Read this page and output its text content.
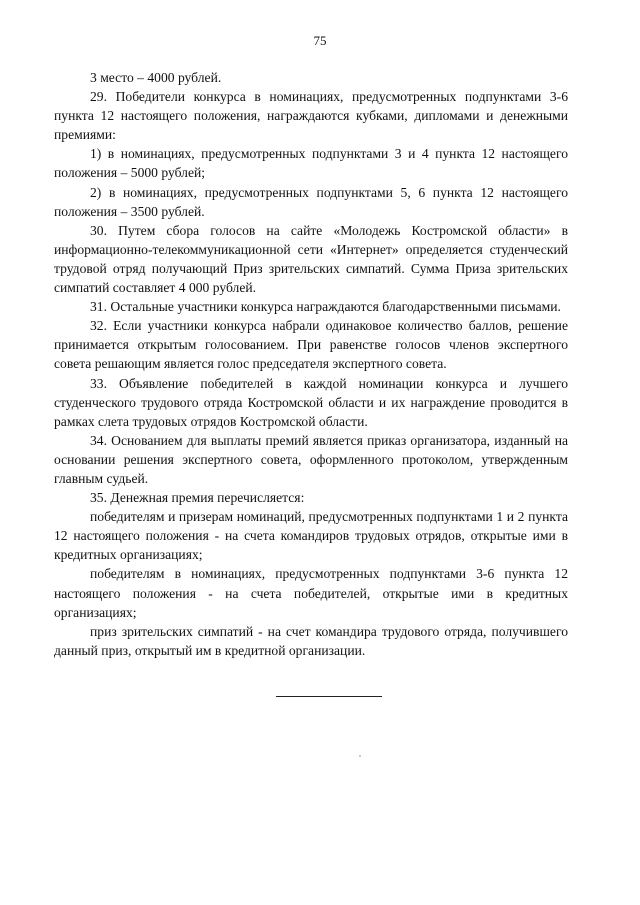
75

3 место – 4000 рублей.

29. Победители конкурса в номинациях, предусмотренных подпунктами 3-6 пункта 12 настоящего положения, награждаются кубками, дипломами и денежными премиями:

1) в номинациях, предусмотренных подпунктами 3 и 4 пункта 12 настоящего положения – 5000 рублей;

2) в номинациях, предусмотренных подпунктами 5, 6 пункта 12 настоящего положения – 3500 рублей.

30. Путем сбора голосов на сайте «Молодежь Костромской области» в информационно-телекоммуникационной сети «Интернет» определяется студенческий трудовой отряд получающий Приз зрительских симпатий. Сумма Приза зрительских симпатий составляет 4 000 рублей.

31. Остальные участники конкурса награждаются благодарственными письмами.

32. Если участники конкурса набрали одинаковое количество баллов, решение принимается открытым голосованием. При равенстве голосов членов экспертного совета решающим является голос председателя экспертного совета.

33. Объявление победителей в каждой номинации конкурса и лучшего студенческого трудового отряда Костромской области и их награждение проводится в рамках слета трудовых отрядов Костромской области.

34. Основанием для выплаты премий является приказ организатора, изданный на основании решения экспертного совета, оформленного протоколом, утвержденным главным судьей.

35. Денежная премия перечисляется:

победителям и призерам номинаций, предусмотренных подпунктами 1 и 2 пункта 12 настоящего положения - на счета командиров трудовых отрядов, открытые ими в кредитных организациях;

победителям в номинациях, предусмотренных подпунктами 3-6 пункта 12 настоящего положения - на счета победителей, открытые ими в кредитных организациях;

приз зрительских симпатий - на счет командира трудового отряда, получившего данный приз, открытый им в кредитной организации.
